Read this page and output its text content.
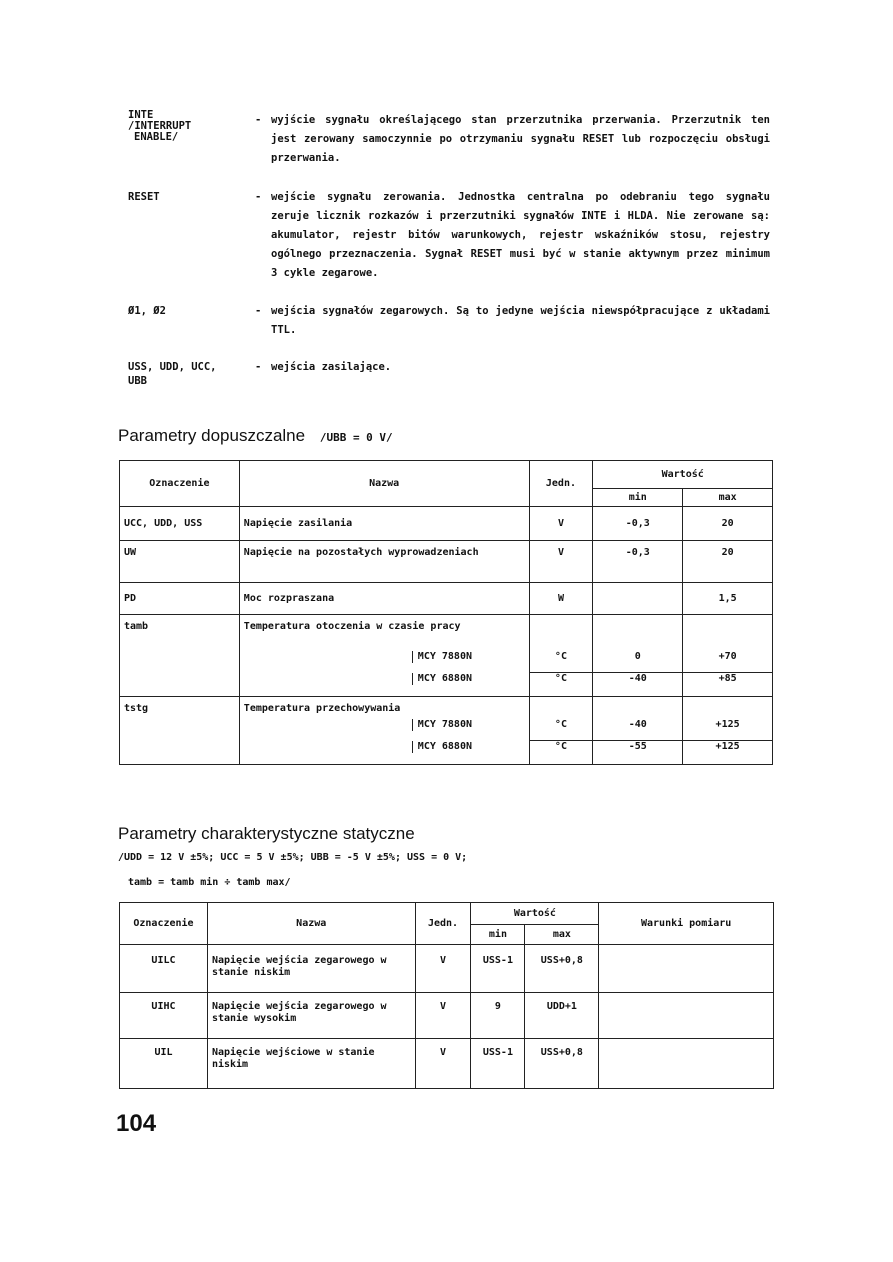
INTE
/INTERRUPT
ENABLE/
- wyjście sygnału określającego stan przerzutnika przerwania. Przerzutnik ten jest zerowany samoczynnie po otrzymaniu sygnału RESET lub rozpoczęciu obsługi przerwania.
RESET	- wejście sygnału zerowania. Jednostka centralna po odebraniu tego sygnału zeruje licznik rozkazów i przerzutniki sygnałów INTE i HLDA. Nie zerowane są: akumulator, rejestr bitów warunkowych, rejestr wskaźników stosu, rejestry ogólnego przeznaczenia. Sygnał RESET musi być w stanie aktywnym przez minimum 3 cykle zegarowe.
Ø1, Ø2	- wejścia sygnałów zegarowych. Są to jedyne wejścia niewspółpracujące z układami TTL.
USS, UDD, UCC,
UBB
- wejścia zasilające.
Parametry dopuszczalne /UBB = 0 V/
Oznaczenie	Nazwa	Jedn.	Wartość	
			min	max
UCC, UDD, USS	Napięcie zasilania	V	-0,3	20
UW	Napięcie na pozostałych wyprowadzeniach	V	-0,3	20
PD	Moc rozpraszana	W		1,5
tamb	Temperatura otoczenia w czasie pracy			
	MCY 7880N	°C	0	+70
	MCY 6880N	°C	-40	+85
tstg	Temperatura przechowywania			
	MCY 7880N	°C	-40	+125
	MCY 6880N	°C	-55	+125
Parametry charakterystyczne statyczne
/UDD = 12 V ±5%; UCC = 5 V ±5%; UBB = -5 V ±5%; USS = 0 V;
tamb = tamb min ÷ tamb max/
Oznaczenie	Nazwa	Jedn.	Wartość		Warunki pomiaru
			min	max	
UILC	Napięcie wejścia zegarowego w stanie niskim	V	USS-1	USS+0,8	
UIHC	Napięcie wejścia zegarowego w stanie wysokim	V	9	UDD+1	
UIL	Napięcie wejściowe w stanie niskim	V	USS-1	USS+0,8	
104
